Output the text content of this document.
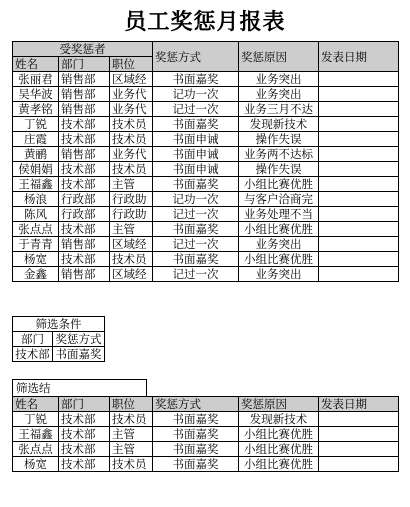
员工奖惩月报表
受奖惩者			奖惩方式	奖惩原因	发表日期
姓名	部门	职位			
张丽君	销售部	区域经	书面嘉奖	业务突出	
吴华波	销售部	业务代	记功一次	业务突出	
黄孝铭	销售部	业务代	记过一次	业务三月不达	
丁锐	技术部	技术员	书面嘉奖	发现新技术	
庄霞	技术部	技术员	书面申诫	操作失误	
黄鹂	销售部	业务代	书面申诫	业务两不达标	
侯娟娟	技术部	技术员	书面申诫	操作失误	
王福鑫	技术部	主管	书面嘉奖	小组比赛优胜	
杨浪	行政部	行政助	记功一次	与客户洽商完	
陈风	行政部	行政助	记过一次	业务处理不当	
张点点	技术部	主管	书面嘉奖	小组比赛优胜	
于青青	销售部	区域经	记过一次	业务突出	
杨宽	技术部	技术员	书面嘉奖	小组比赛优胜	
金鑫	销售部	区域经	记过一次	业务突出	
筛选条件	
部门	奖惩方式
技术部	书面嘉奖
筛选结
姓名	部门	职位	奖惩方式	奖惩原因	发表日期
丁锐	技术部	技术员	书面嘉奖	发现新技术	
王福鑫	技术部	主管	书面嘉奖	小组比赛优胜	
张点点	技术部	主管	书面嘉奖	小组比赛优胜	
杨宽	技术部	技术员	书面嘉奖	小组比赛优胜	
